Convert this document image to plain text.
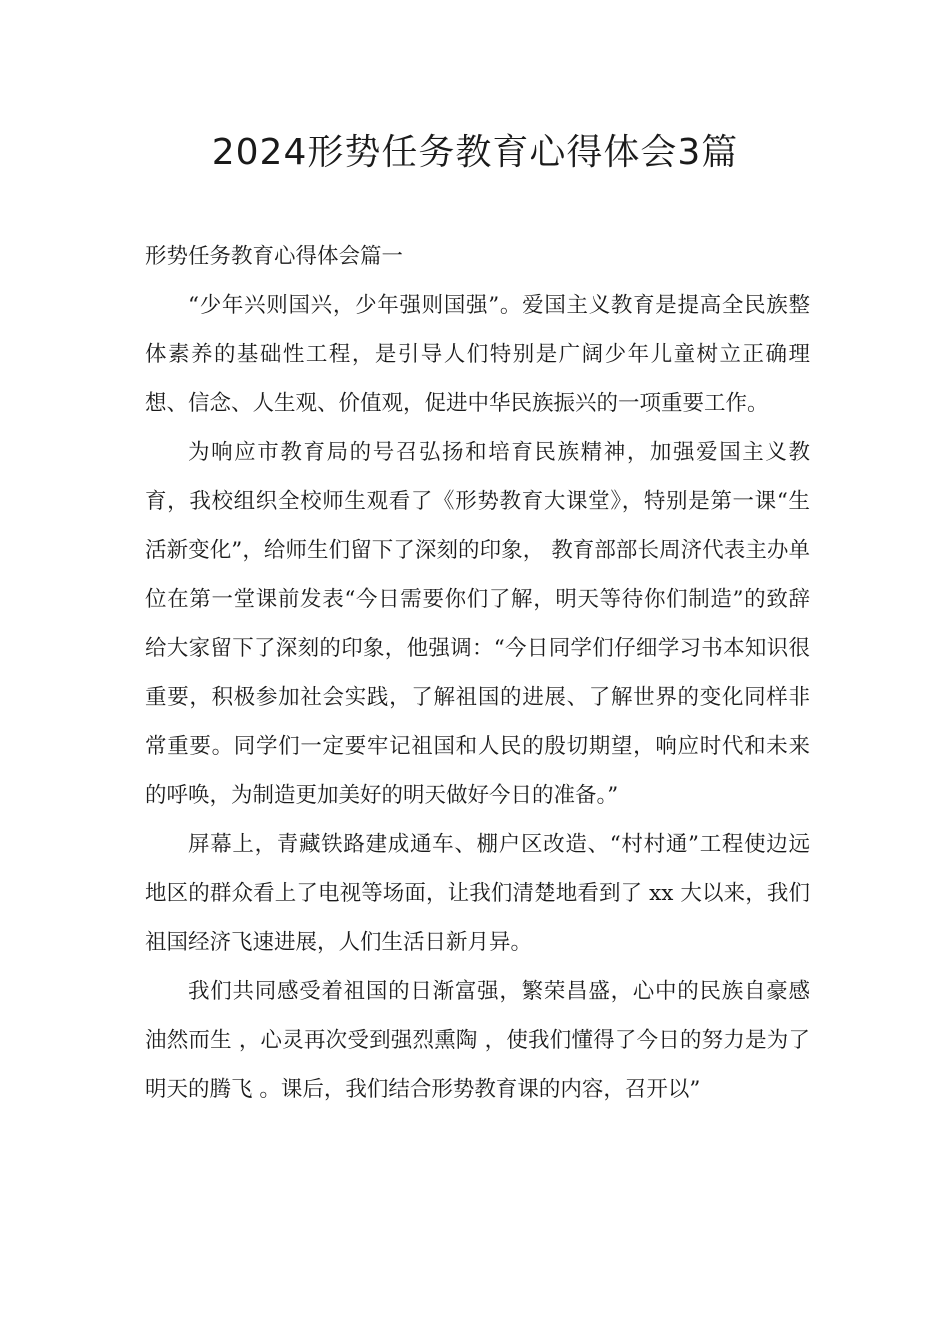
2024形势任务教育心得体会3篇

形势任务教育心得体会篇一

“少年兴则国兴，少年强则国强”。爱国主义教育是提高全民族整体素养的基础性工程，是引导人们特别是广阔少年儿童树立正确理想、信念、人生观、价值观，促进中华民族振兴的一项重要工作。

为响应市教育局的号召弘扬和培育民族精神，加强爱国主义教育，我校组织全校师生观看了《形势教育大课堂》，特别是第一课“生活新变化”，给师生们留下了深刻的印象， 教育部部长周济代表主办单位在第一堂课前发表“今日需要你们了解，明天等待你们制造”的致辞给大家留下了深刻的印象，他强调：“今日同学们仔细学习书本知识很重要，积极参加社会实践，了解祖国的进展、了解世界的变化同样非常重要。同学们一定要牢记祖国和人民的殷切期望，响应时代和未来的呼唤，为制造更加美好的明天做好今日的准备。”

屏幕上，青藏铁路建成通车、棚户区改造、“村村通”工程使边远地区的群众看上了电视等场面，让我们清楚地看到了 xx 大以来，我们祖国经济飞速进展，人们生活日新月异。

我们共同感受着祖国的日渐富强，繁荣昌盛，心中的民族自豪感油然而生 ，心灵再次受到强烈熏陶 ，使我们懂得了今日的努力是为了明天的腾飞 。课后，我们结合形势教育课的内容，召开以”
